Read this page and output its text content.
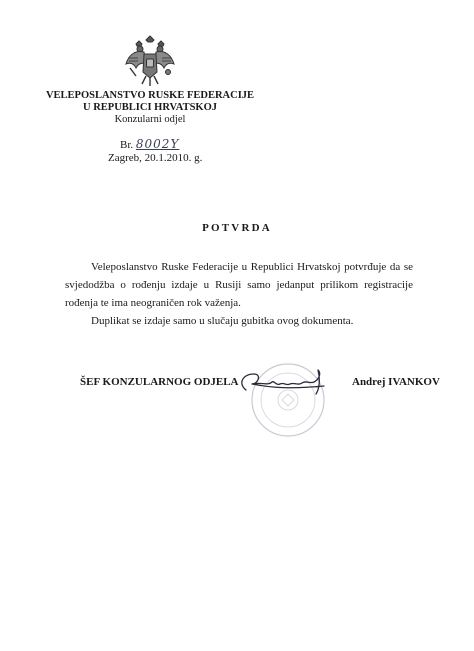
VELEPOSLANSTVO RUSKE FEDERACIJE
U REPUBLICI HRVATSKOJ
Konzularni odjel
Br. 8002Y
Zagreb, 20.1.2010. g.
POTVRDA

Veleposlanstvo Ruske Federacije u Republici Hrvatskoj potvrđuje da se svjedodžba o rođenju izdaje u Rusiji samo jedanput prilikom registracije rođenja te ima neograničen rok važenja.

Duplikat se izdaje samo u slučaju gubitka ovog dokumenta.

ŠEF KONZULARNOG ODJELA	Andrej IVANKOV
